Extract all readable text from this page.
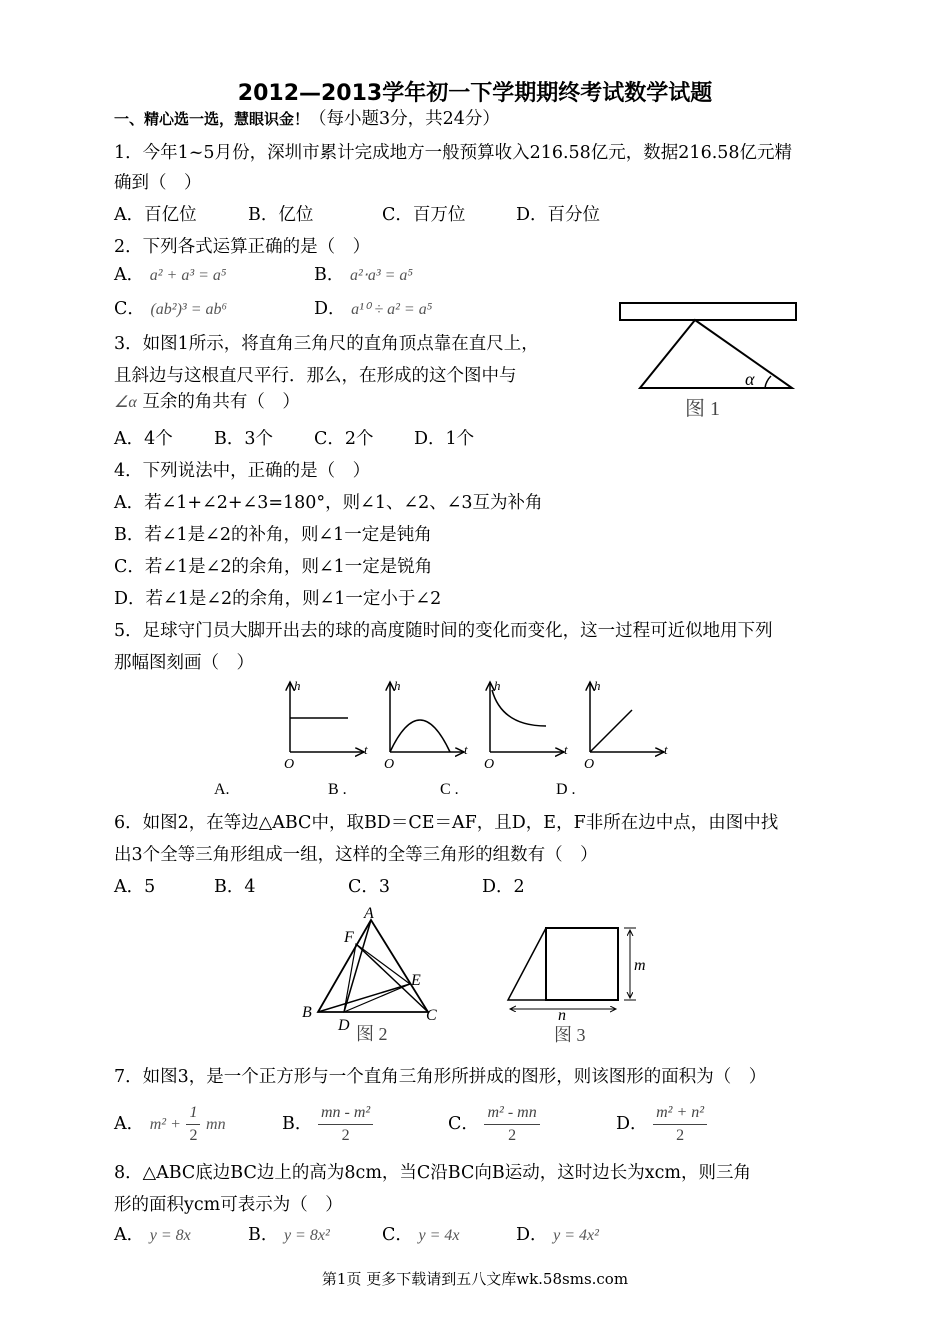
2012—2013学年初一下学期期终考试数学试题
一、精心选一选，慧眼识金！（每小题3分，共24分）
1．今年1~5月份，深圳市累计完成地方一般预算收入216.58亿元，数据216.58亿元精
确到（　）
A．百亿位	B．亿位	C．百万位	D．百分位
2．下列各式运算正确的是（　）
A． a² + a³ = a⁵	B． a²⋅a³ = a⁵
C． (ab²)³ = ab⁶	D． a¹⁰ ÷ a² = a⁵
α
图 1
3．如图1所示，将直角三角尺的直角顶点靠在直尺上，
且斜边与这根直尺平行．那么，在形成的这个图中与
∠α 互余的角共有（　）
A．4个 B．3个 C．2个 D．1个
4．下列说法中，正确的是（　）
A．若∠1+∠2+∠3=180°，则∠1、∠2、∠3互为补角
B．若∠1是∠2的补角，则∠1一定是钝角
C．若∠1是∠2的余角，则∠1一定是锐角
D．若∠1是∠2的余角，则∠1一定小于∠2
5．足球守门员大脚开出去的球的高度随时间的变化而变化，这一过程可近似地用下列
那幅图刻画（　）
h
t
O
h
t
O
h
t
O
h
t
O
A.	B .	C .	D .
6．如图2，在等边△ABC中，取BD＝CE＝AF，且D，E，F非所在边中点，由图中找
出3个全等三角形组成一组，这样的全等三角形的组数有（　）
A．5	B．4	C．3	D．2
A
F
E
B	C
D 图 2
m
n
图 3
7．如图3，是一个正方形与一个直角三角形所拼成的图形，则该图形的面积为（　）
A． $m^2 + \frac{1}{2}$ mn	B． $\frac{\text{mn - m²}}{2}$	C． $\frac{\text{m² - mn}}{2}$	D． $\frac{\text{m² + n²}}{2}$
8．△ABC底边BC边上的高为8cm，当C沿BC向B运动，这时边长为xcm，则三角
形的面积ycm可表示为（　）
A． y = 8x	B． y = 8x²	C． y = 4x	D． y = 4x²
第1页 更多下载请到五八文库wk.58sms.com
